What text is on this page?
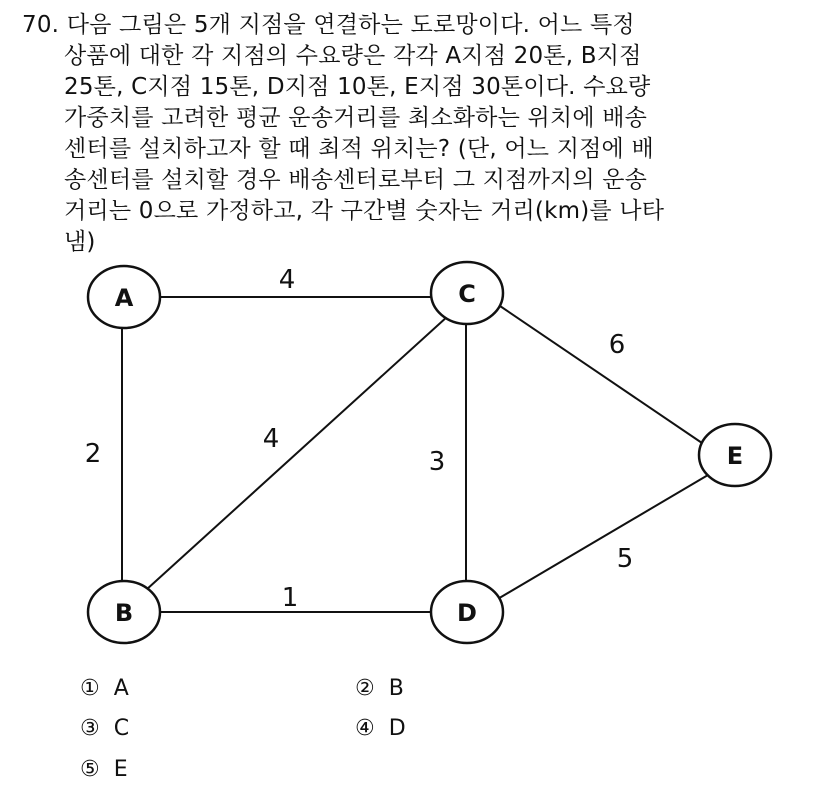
70. 다음 그림은 5개 지점을 연결하는 도로망이다. 어느 특정
상품에 대한 각 지점의 수요량은 각각 A지점 20톤, B지점
25톤, C지점 15톤, D지점 10톤, E지점 30톤이다. 수요량
가중치를 고려한 평균 운송거리를 최소화하는 위치에 배송
센터를 설치하고자 할 때 최적 위치는? (단, 어느 지점에 배
송센터를 설치할 경우 배송센터로부터 그 지점까지의 운송
거리는 0으로 가정하고, 각 구간별 숫자는 거리(km)를 나타
냄)
A
B
C
D
E
4
2	4
3
6
5
1
① A	② B
③ C	④ D
⑤ E
